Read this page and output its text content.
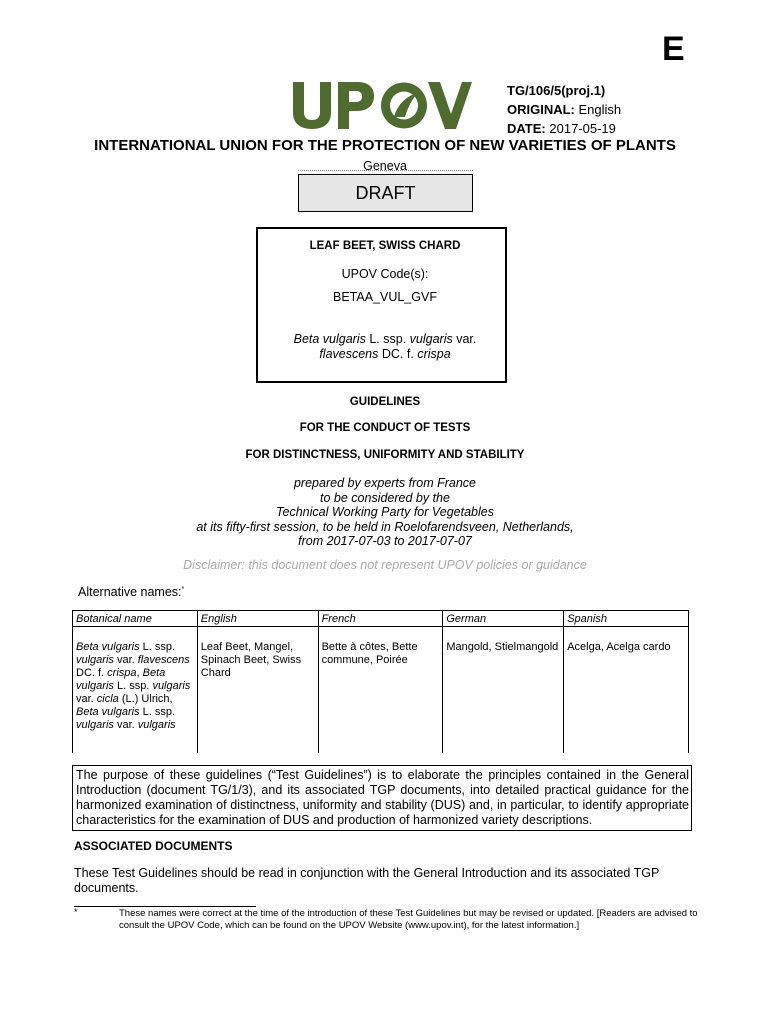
E
UPOV
TG/106/5(proj.1)
ORIGINAL: English
DATE: 2017-05-19
INTERNATIONAL UNION FOR THE PROTECTION OF NEW VARIETIES OF PLANTS
Geneva
DRAFT
LEAF BEET, SWISS CHARD
UPOV Code(s):
BETAA_VUL_GVF
Beta vulgaris L. ssp. vulgaris var.
flavescens DC. f. crispa
GUIDELINES
FOR THE CONDUCT OF TESTS
FOR DISTINCTNESS, UNIFORMITY AND STABILITY
prepared by experts from France
to be considered by the
Technical Working Party for Vegetables
at its fifty-first session, to be held in Roelofarendsveen, Netherlands,
from 2017-07-03 to 2017-07-07
Disclaimer: this document does not represent UPOV policies or guidance
Alternative names:*
Botanical name	English	French	German	Spanish
Beta vulgaris L. ssp. vulgaris var. flavescens DC. f. crispa, Beta vulgaris L. ssp. vulgaris var. cicla (L.) Ulrich, Beta vulgaris L. ssp. vulgaris var. vulgaris	Leaf Beet, Mangel, Spinach Beet, Swiss Chard	Bette à côtes, Bette commune, Poirée	Mangold, Stielmangold	Acelga, Acelga cardo
The purpose of these guidelines (“Test Guidelines”) is to elaborate the principles contained in the General Introduction (document TG/1/3), and its associated TGP documents, into detailed practical guidance for the harmonized examination of distinctness, uniformity and stability (DUS) and, in particular, to identify appropriate characteristics for the examination of DUS and production of harmonized variety descriptions.
ASSOCIATED DOCUMENTS
These Test Guidelines should be read in conjunction with the General Introduction and its associated TGP documents.
*	These names were correct at the time of the introduction of these Test Guidelines but may be revised or updated. [Readers are advised to consult the UPOV Code, which can be found on the UPOV Website (www.upov.int), for the latest information.]
